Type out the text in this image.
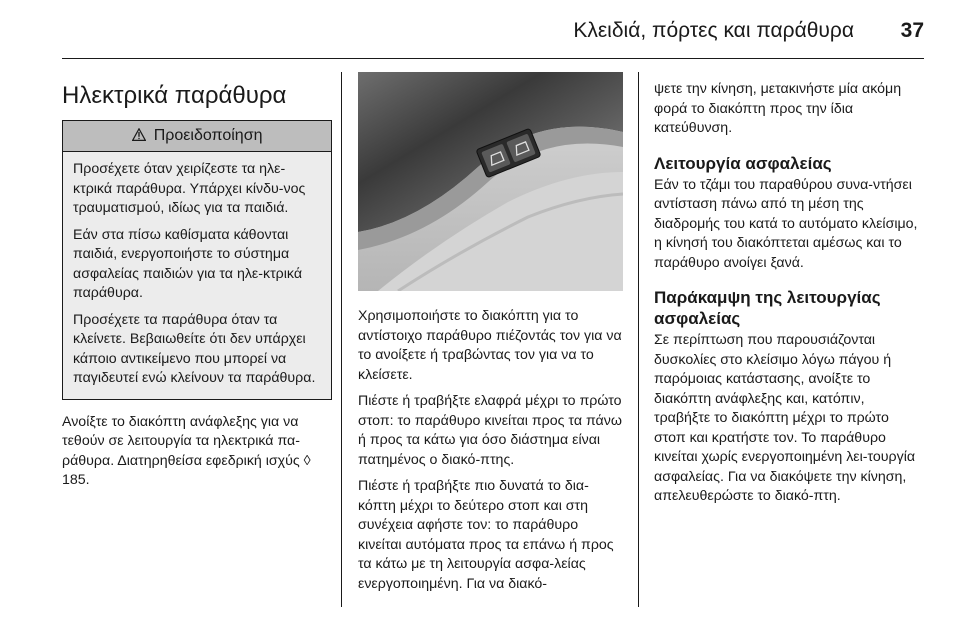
Κλειδιά, πόρτες και παράθυρα 37
Ηλεκτρικά παράθυρα
Προειδοποίηση

Προσέχετε όταν χειρίζεστε τα ηλε-κτρικά παράθυρα. Υπάρχει κίνδυ-νος τραυματισμού, ιδίως για τα παιδιά.

Εάν στα πίσω καθίσματα κάθονται παιδιά, ενεργοποιήστε το σύστημα ασφαλείας παιδιών για τα ηλε-κτρικά παράθυρα.

Προσέχετε τα παράθυρα όταν τα κλείνετε. Βεβαιωθείτε ότι δεν υπάρχει κάποιο αντικείμενο που μπορεί να παγιδευτεί ενώ κλείνουν τα παράθυρα.

Ανοίξτε το διακόπτη ανάφλεξης για να τεθούν σε λειτουργία τα ηλεκτρικά πα-ράθυρα. Διατηρηθείσα εφεδρική ισχύς ◊ 185.

Χρησιμοποιήστε το διακόπτη για το αντίστοιχο παράθυρο πιέζοντάς τον για να το ανοίξετε ή τραβώντας τον για να το κλείσετε.

Πιέστε ή τραβήξτε ελαφρά μέχρι το πρώτο στοπ: το παράθυρο κινείται προς τα πάνω ή προς τα κάτω για όσο διάστημα είναι πατημένος ο διακό-πτης.

Πιέστε ή τραβήξτε πιο δυνατά το δια-κόπτη μέχρι το δεύτερο στοπ και στη συνέχεια αφήστε τον: το παράθυρο κινείται αυτόματα προς τα επάνω ή προς τα κάτω με τη λειτουργία ασφα-λείας ενεργοποιημένη. Για να διακό-

ψετε την κίνηση, μετακινήστε μία ακόμη φορά το διακόπτη προς την ίδια κατεύθυνση.

Λειτουργία ασφαλείας

Εάν το τζάμι του παραθύρου συνα-ντήσει αντίσταση πάνω από τη μέση της διαδρομής του κατά το αυτόματο κλείσιμο, η κίνησή του διακόπτεται αμέσως και το παράθυρο ανοίγει ξανά.

Παράκαμψη της λειτουργίας ασφαλείας

Σε περίπτωση που παρουσιάζονται δυσκολίες στο κλείσιμο λόγω πάγου ή παρόμοιας κατάστασης, ανοίξτε το διακόπτη ανάφλεξης και, κατόπιν, τραβήξτε το διακόπτη μέχρι το πρώτο στοπ και κρατήστε τον. Το παράθυρο κινείται χωρίς ενεργοποιημένη λει-τουργία ασφαλείας. Για να διακόψετε την κίνηση, απελευθερώστε το διακό-πτη.
